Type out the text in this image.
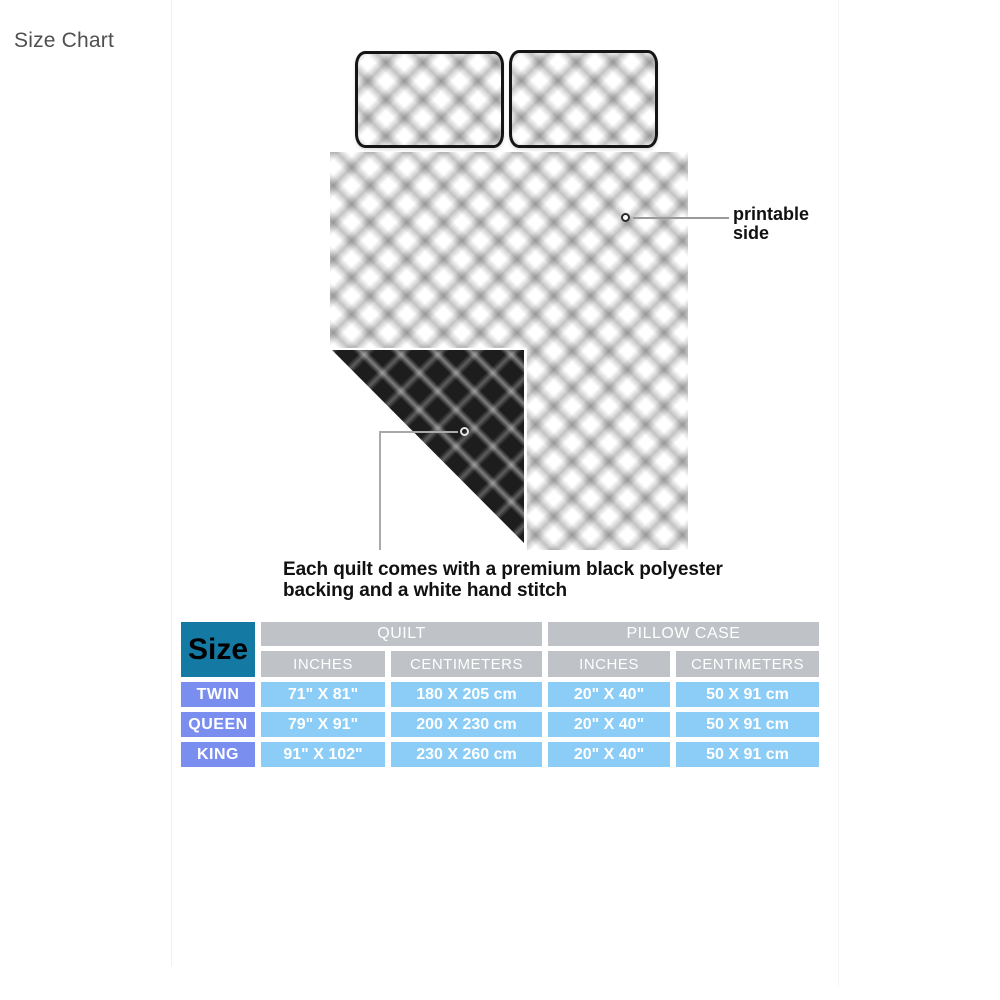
Size Chart
printable
side
Each quilt comes with a premium black polyester
backing and a white hand stitch
Size	QUILT	PILLOW CASE
INCHES	CENTIMETERS	INCHES	CENTIMETERS
TWIN	71" X 81"	180 X 205 cm	20" X 40"	50 X 91 cm
QUEEN	79" X 91"	200 X 230 cm	20" X 40"	50 X 91 cm
KING	91" X 102"	230 X 260 cm	20" X 40"	50 X 91 cm
